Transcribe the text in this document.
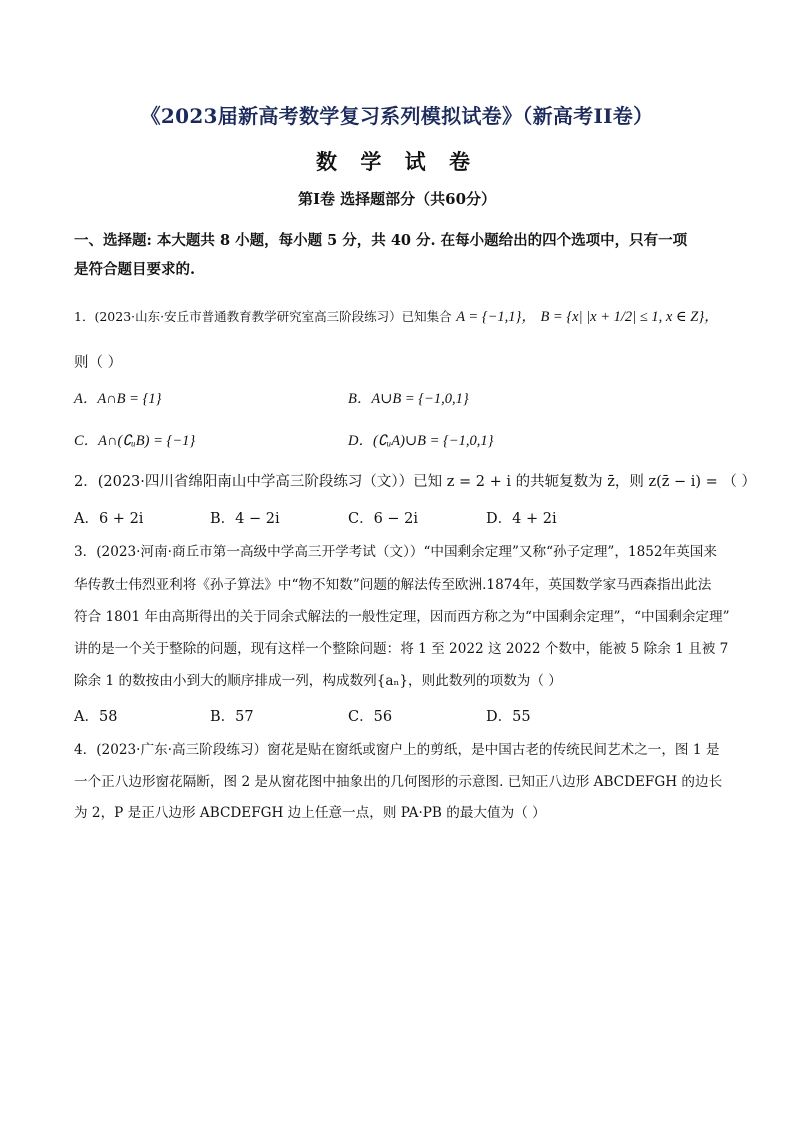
《2023届新高考数学复习系列模拟试卷》（新高考II卷）
数 学 试 卷
第Ⅰ卷 选择题部分（共60分）
一、选择题: 本大题共 8 小题，每小题 5 分，共 40 分. 在每小题给出的四个选项中，只有一项
是符合题目要求的.
1．(2023·山东·安丘市普通教育教学研究室高三阶段练习）已知集合 A = {−1,1}， B = {x| |x + 1/2| ≤ 1, x ∈ Z}，
则（ ）
A．A∩B = {1}	B．A∪B = {−1,0,1}
C．A∩(∁ᵤB) = {−1}	D．(∁ᵤA)∪B = {−1,0,1}
2．(2023·四川省绵阳南山中学高三阶段练习（文））已知 z = 2 + i 的共轭复数为 z̄，则 z(z̄ − i) = （ ）
A．6 + 2i	B．4 − 2i	C．6 − 2i	D．4 + 2i
3．(2023·河南·商丘市第一高级中学高三开学考试（文））“中国剩余定理”又称“孙子定理”，1852年英国来
华传教士伟烈亚利将《孙子算法》中“物不知数”问题的解法传至欧洲.1874年，英国数学家马西森指出此法
符合 1801 年由高斯得出的关于同余式解法的一般性定理，因而西方称之为“中国剩余定理”，“中国剩余定理”
讲的是一个关于整除的问题，现有这样一个整除问题：将 1 至 2022 这 2022 个数中，能被 5 除余 1 且被 7
除余 1 的数按由小到大的顺序排成一列，构成数列{aₙ}，则此数列的项数为（ ）
A．58	B．57	C．56	D．55
4．(2023·广东·高三阶段练习）窗花是贴在窗纸或窗户上的剪纸，是中国古老的传统民间艺术之一，图 1 是
一个正八边形窗花隔断，图 2 是从窗花图中抽象出的几何图形的示意图. 已知正八边形 ABCDEFGH 的边长
为 2，P 是正八边形 ABCDEFGH 边上任意一点，则 PA·PB 的最大值为（ ）
